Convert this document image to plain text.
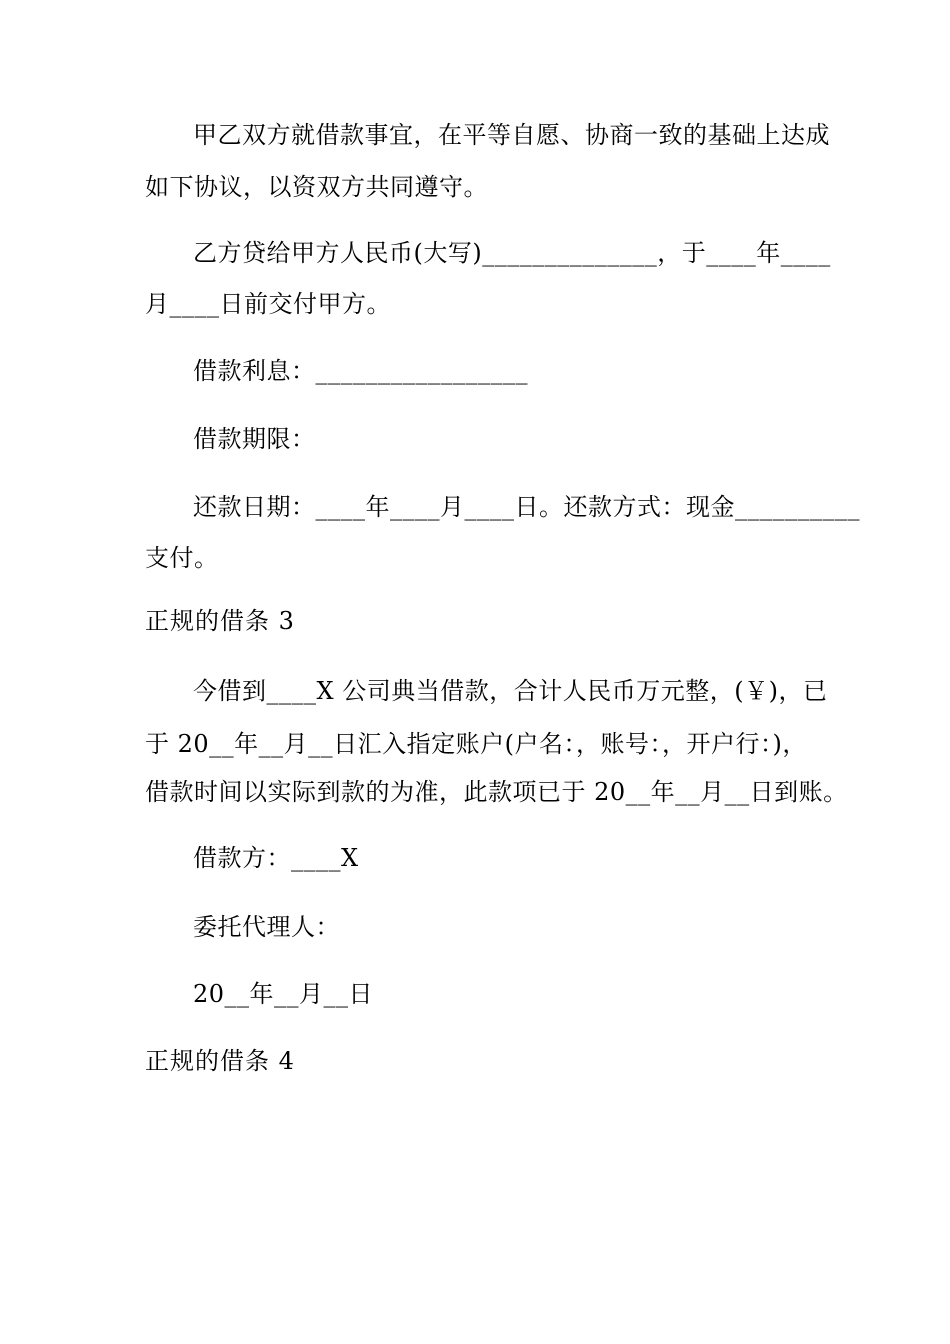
甲乙双方就借款事宜，在平等自愿、协商一致的基础上达成
如下协议，以资双方共同遵守。
乙方贷给甲方人民币(大写)______________，于____年____
月____日前交付甲方。
借款利息：_________________
借款期限：
还款日期：____年____月____日。还款方式：现金__________
支付。
正规的借条 3
今借到____X 公司典当借款，合计人民币万元整，(￥)，已
于 20__年__月__日汇入指定账户(户名：，账号：，开户行：)，
借款时间以实际到款的为准，此款项已于 20__年__月__日到账。
借款方：____X
委托代理人：
20__年__月__日
正规的借条 4
